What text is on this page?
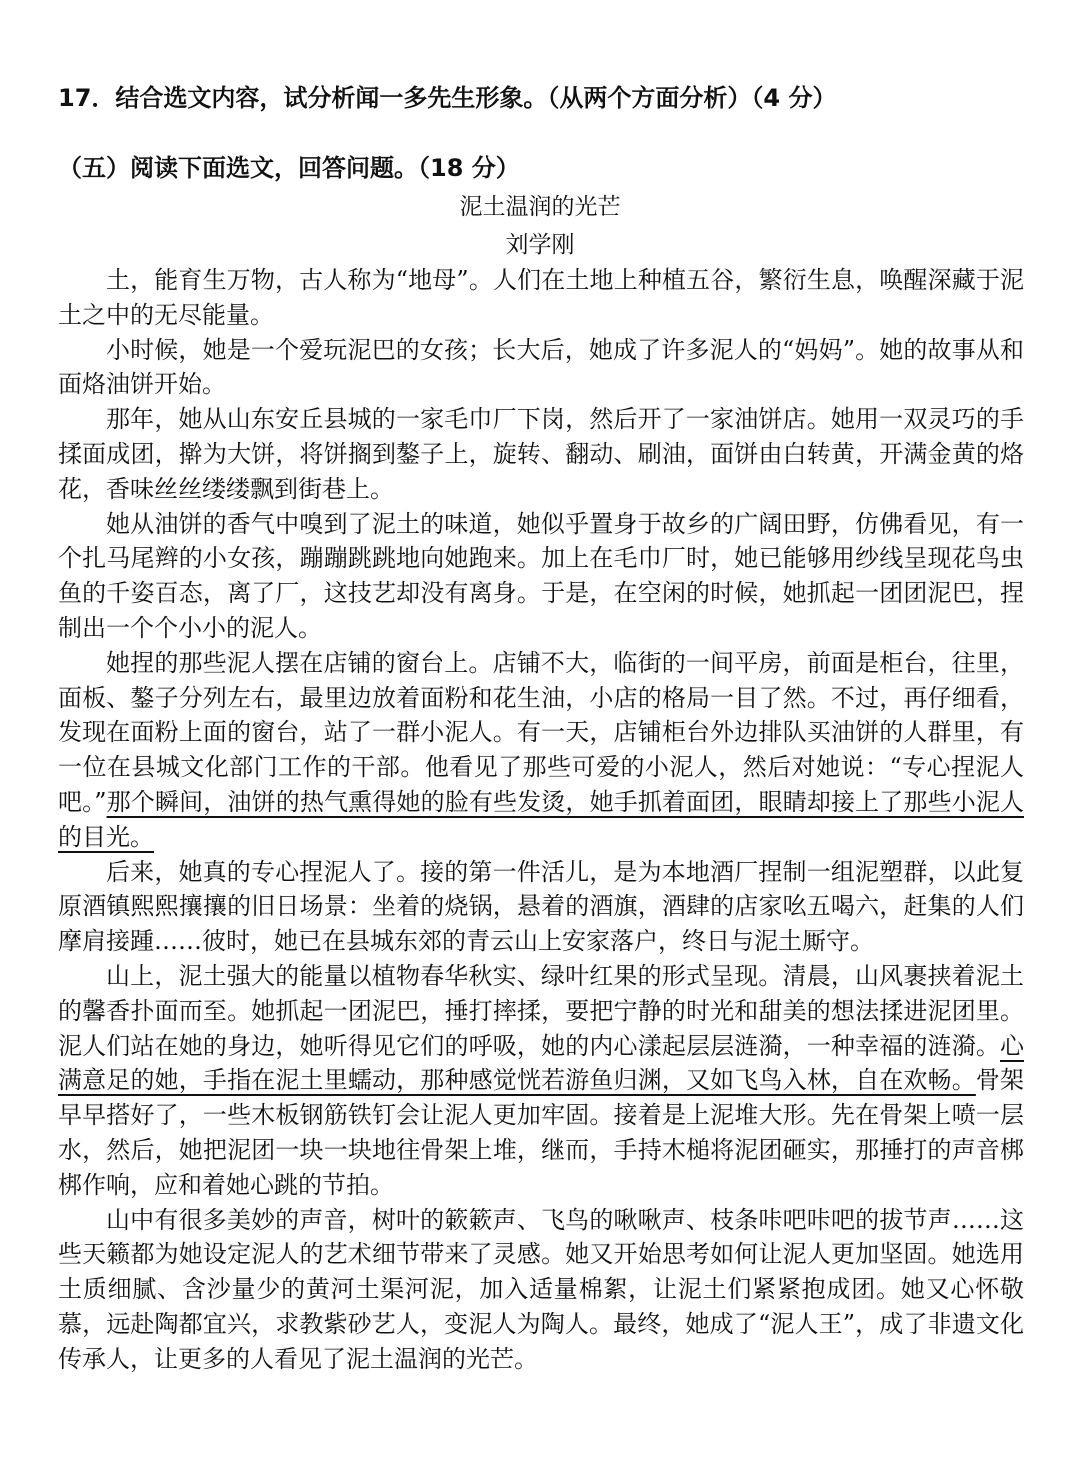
17．结合选文内容，试分析闻一多先生形象。（从两个方面分析）（4 分）
（五）阅读下面选文，回答问题。（18 分）
泥土温润的光芒
刘学刚

土，能育生万物，古人称为“地母”。人们在土地上种植五谷，繁衍生息，唤醒深藏于泥土之中的无尽能量。

小时候，她是一个爱玩泥巴的女孩；长大后，她成了许多泥人的“妈妈”。她的故事从和面烙油饼开始。

那年，她从山东安丘县城的一家毛巾厂下岗，然后开了一家油饼店。她用一双灵巧的手揉面成团，擀为大饼，将饼搁到鏊子上，旋转、翻动、刷油，面饼由白转黄，开满金黄的烙花，香味丝丝缕缕飘到街巷上。

她从油饼的香气中嗅到了泥土的味道，她似乎置身于故乡的广阔田野，仿佛看见，有一个扎马尾辫的小女孩，蹦蹦跳跳地向她跑来。加上在毛巾厂时，她已能够用纱线呈现花鸟虫鱼的千姿百态，离了厂，这技艺却没有离身。于是，在空闲的时候，她抓起一团团泥巴，捏制出一个个小小的泥人。

她捏的那些泥人摆在店铺的窗台上。店铺不大，临街的一间平房，前面是柜台，往里，面板、鏊子分列左右，最里边放着面粉和花生油，小店的格局一目了然。不过，再仔细看，发现在面粉上面的窗台，站了一群小泥人。有一天，店铺柜台外边排队买油饼的人群里，有一位在县城文化部门工作的干部。他看见了那些可爱的小泥人，然后对她说：“专心捏泥人吧。”那个瞬间，油饼的热气熏得她的脸有些发烫，她手抓着面团，眼睛却接上了那些小泥人的目光。

后来，她真的专心捏泥人了。接的第一件活儿，是为本地酒厂捏制一组泥塑群，以此复原酒镇熙熙攘攘的旧日场景：坐着的烧锅，悬着的酒旗，酒肆的店家吆五喝六，赶集的人们摩肩接踵……彼时，她已在县城东郊的青云山上安家落户，终日与泥土厮守。

山上，泥土强大的能量以植物春华秋实、绿叶红果的形式呈现。清晨，山风裹挟着泥土的馨香扑面而至。她抓起一团泥巴，捶打摔揉，要把宁静的时光和甜美的想法揉进泥团里。泥人们站在她的身边，她听得见它们的呼吸，她的内心漾起层层涟漪，一种幸福的涟漪。心满意足的她，手指在泥土里蠕动，那种感觉恍若游鱼归渊，又如飞鸟入林，自在欢畅。骨架早早搭好了，一些木板钢筋铁钉会让泥人更加牢固。接着是上泥堆大形。先在骨架上喷一层水，然后，她把泥团一块一块地往骨架上堆，继而，手持木槌将泥团砸实，那捶打的声音梆梆作响，应和着她心跳的节拍。

山中有很多美妙的声音，树叶的簌簌声、飞鸟的啾啾声、枝条咔吧咔吧的拔节声……这些天籁都为她设定泥人的艺术细节带来了灵感。她又开始思考如何让泥人更加坚固。她选用土质细腻、含沙量少的黄河土渠河泥，加入适量棉絮，让泥土们紧紧抱成团。她又心怀敬慕，远赴陶都宜兴，求教紫砂艺人，变泥人为陶人。最终，她成了“泥人王”，成了非遗文化传承人，让更多的人看见了泥土温润的光芒。
